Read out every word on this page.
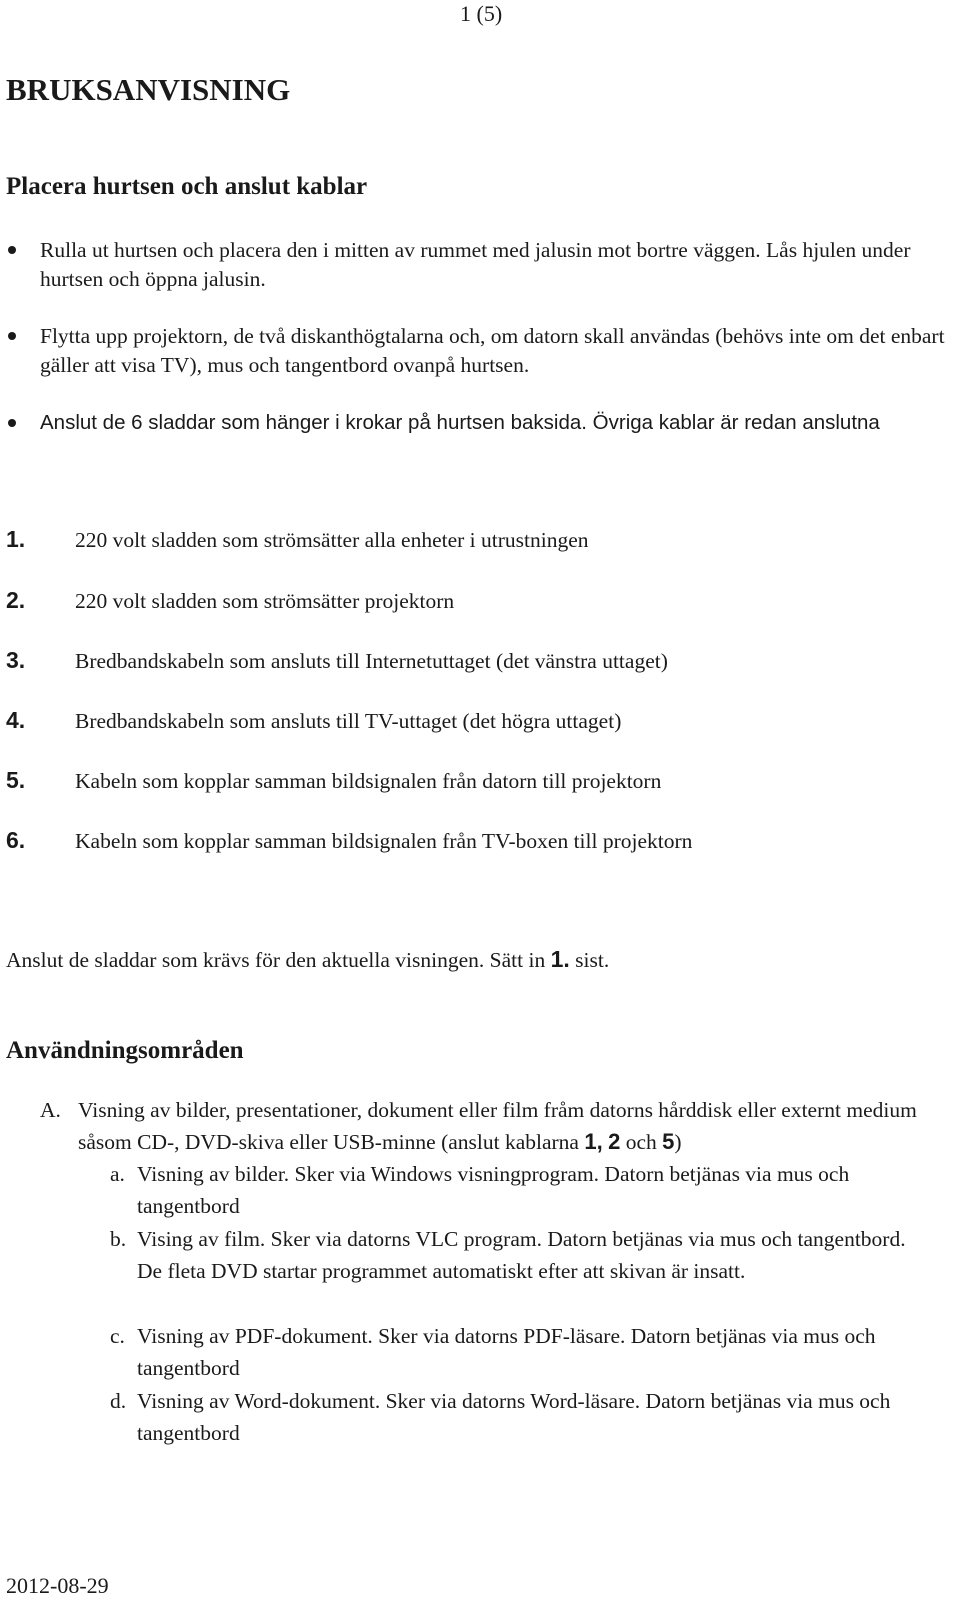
1 (5)
BRUKSANVISNING
Placera hurtsen och anslut kablar
Rulla ut hurtsen och placera den i mitten av rummet med jalusin mot bortre väggen. Lås hjulen under hurtsen och öppna jalusin.
Flytta upp projektorn, de två diskanthögtalarna och, om datorn skall användas (behövs inte om det enbart gäller att visa TV), mus och tangentbord ovanpå hurtsen.
Anslut de 6 sladdar som hänger i krokar på hurtsen baksida. Övriga kablar är redan anslutna
1. 220 volt sladden som strömsätter alla enheter i utrustningen
2. 220 volt sladden som strömsätter projektorn
3. Bredbandskabeln som ansluts till Internetuttaget (det vänstra uttaget)
4. Bredbandskabeln som ansluts till TV-uttaget (det högra uttaget)
5. Kabeln som kopplar samman bildsignalen från datorn till projektorn
6. Kabeln som kopplar samman bildsignalen från TV-boxen till projektorn
Anslut de sladdar som krävs för den aktuella visningen. Sätt in 1. sist.
Användningsområden
A. Visning av bilder, presentationer, dokument eller film fråm datorns hårddisk eller externt medium såsom CD-, DVD-skiva eller USB-minne (anslut kablarna 1, 2 och 5)
a. Visning av bilder. Sker via Windows visningprogram. Datorn betjänas via mus och tangentbord
b. Vising av film. Sker via datorns VLC program. Datorn betjänas via mus och tangentbord. De fleta DVD startar programmet automatiskt efter att skivan är insatt.
c. Visning av PDF-dokument. Sker via datorns PDF-läsare. Datorn betjänas via mus och tangentbord
d. Visning av Word-dokument. Sker via datorns Word-läsare. Datorn betjänas via mus och tangentbord
2012-08-29
